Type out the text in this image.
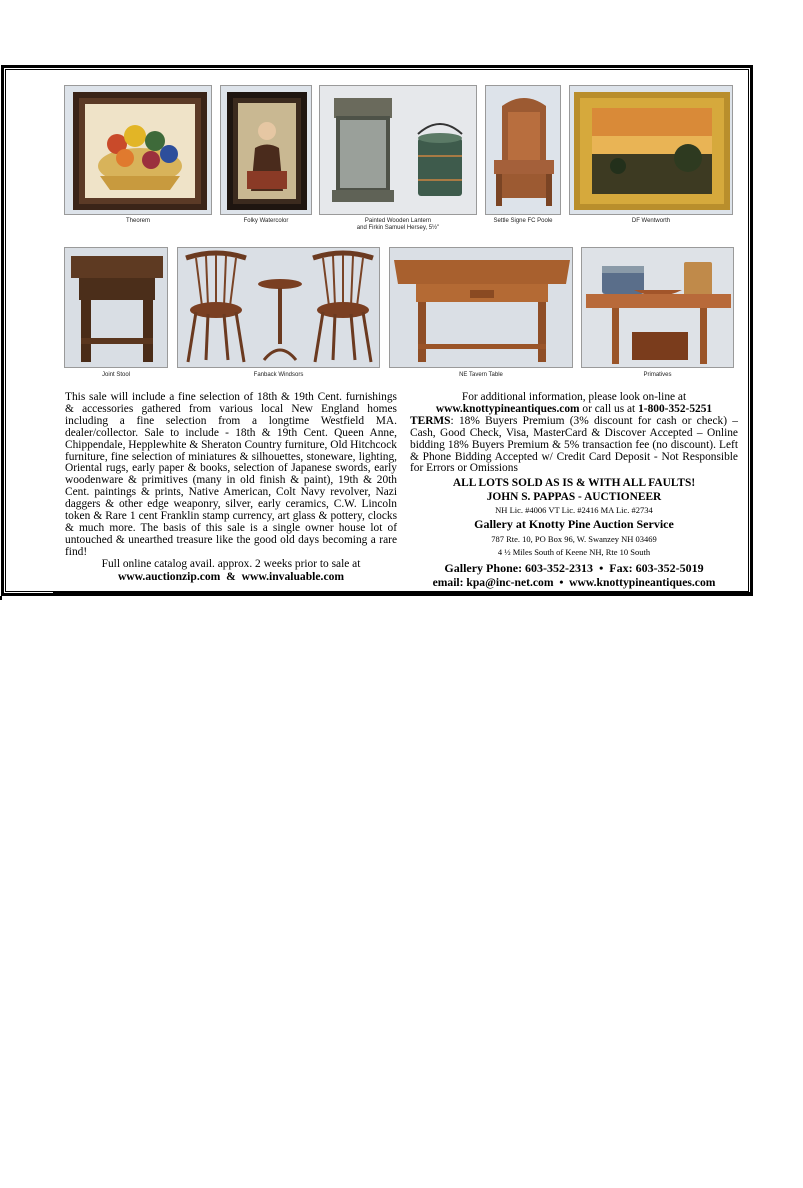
Theorem	Folky Watercolor	Painted Wooden Lantern
and Firkin Samuel Hersey, 5½"
Settle Signe FC Poole	DF Wentworth
Joint Stool	Fanback Windsors	NE Tavern Table	Primatives
This sale will include a fine selection of 18th & 19th Cent. furnishings & accessories gathered from various local New England homes including a fine selection from a longtime Westfield MA. dealer/collector. Sale to include - 18th & 19th Cent. Queen Anne, Chippendale, Hepplewhite & Sheraton Country furniture, Old Hitchcock furniture, fine selection of miniatures & silhouettes, stoneware, lighting, Oriental rugs, early paper & books, selection of Japanese swords, early woodenware & primitives (many in old finish & paint), 19th & 20th Cent. paintings & prints, Native American, Colt Navy revolver, Nazi daggers & other edge weaponry, silver, early ceramics, C.W. Lincoln token & Rare 1 cent Franklin stamp currency, art glass & pottery, clocks & much more. The basis of this sale is a single owner house lot of untouched & unearthed treasure like the good old days becoming a rare find!
Full online catalog avail. approx. 2 weeks prior to sale at
www.auctionzip.com & www.invaluable.com
For additional information, please look on-line at
www.knottypineantiques.com or call us at 1-800-352-5251
TERMS: 18% Buyers Premium (3% discount for cash or check) – Cash, Good Check, Visa, MasterCard & Discover Accepted – Online bidding 18% Buyers Premium & 5% transaction fee (no discount). Left & Phone Bidding Accepted w/ Credit Card Deposit - Not Responsible for Errors or Omissions
ALL LOTS SOLD AS IS & WITH ALL FAULTS!
JOHN S. PAPPAS - AUCTIONEER
NH Lic. #4006 VT Lic. #2416 MA Lic. #2734
Gallery at Knotty Pine Auction Service
787 Rte. 10, PO Box 96, W. Swanzey NH 03469
4 ½ Miles South of Keene NH, Rte 10 South
Gallery Phone: 603-352-2313 • Fax: 603-352-5019
email: kpa@inc-net.com • www.knottypineantiques.com
